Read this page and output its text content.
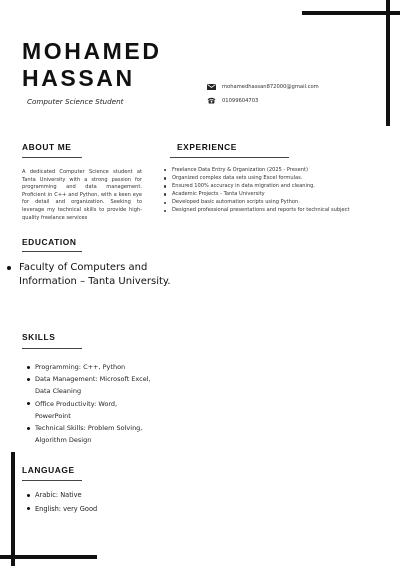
MOHAMED
HASSAN
Computer Science Student
mohamedhassan872000@gmail.com
01099604703
ABOUT ME
A dedicated Computer Science student at Tanta University with a strong passion for programming and data management. Proficient in C++ and Python, with a keen eye for detail and organization. Seeking to leverage my technical skills to provide high-quality freelance services
EXPERIENCE
Freelance Data Entry & Organization (2025 - Present)
Organized complex data sets using Excel formulas.
Ensured 100% accuracy in data migration and cleaning.
Academic Projects - Tanta University
Developed basic automation scripts using Python.
Designed professional presentations and reports for technical subject
EDUCATION
Faculty of Computers and Information – Tanta University.
SKILLS
Programming: C++, Python
Data Management: Microsoft Excel, Data Cleaning
Office Productivity: Word, PowerPoint
Technical Skills: Problem Solving, Algorithm Design
LANGUAGE
Arabic: Native
English: very Good
